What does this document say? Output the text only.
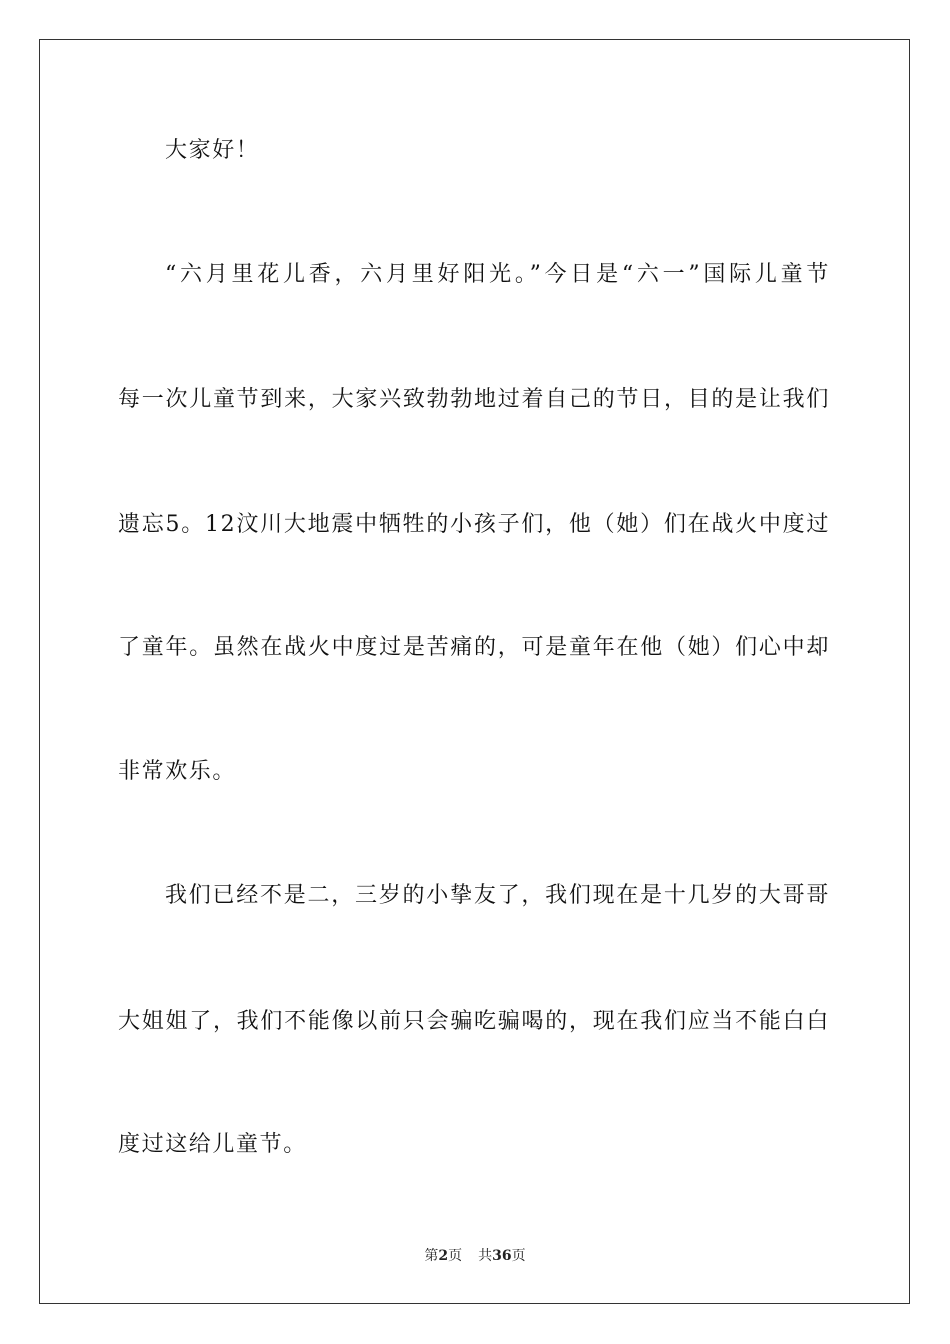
大家好！
“六月里花儿香，六月里好阳光。”今日是“六一”国际儿童节
每一次儿童节到来，大家兴致勃勃地过着自己的节日，目的是让我们
遗忘5。12汶川大地震中牺牲的小孩子们，他（她）们在战火中度过
了童年。虽然在战火中度过是苦痛的，可是童年在他（她）们心中却
非常欢乐。
我们已经不是二，三岁的小挚友了，我们现在是十几岁的大哥哥
大姐姐了，我们不能像以前只会骗吃骗喝的，现在我们应当不能白白
度过这给儿童节。
第2页 共36页
